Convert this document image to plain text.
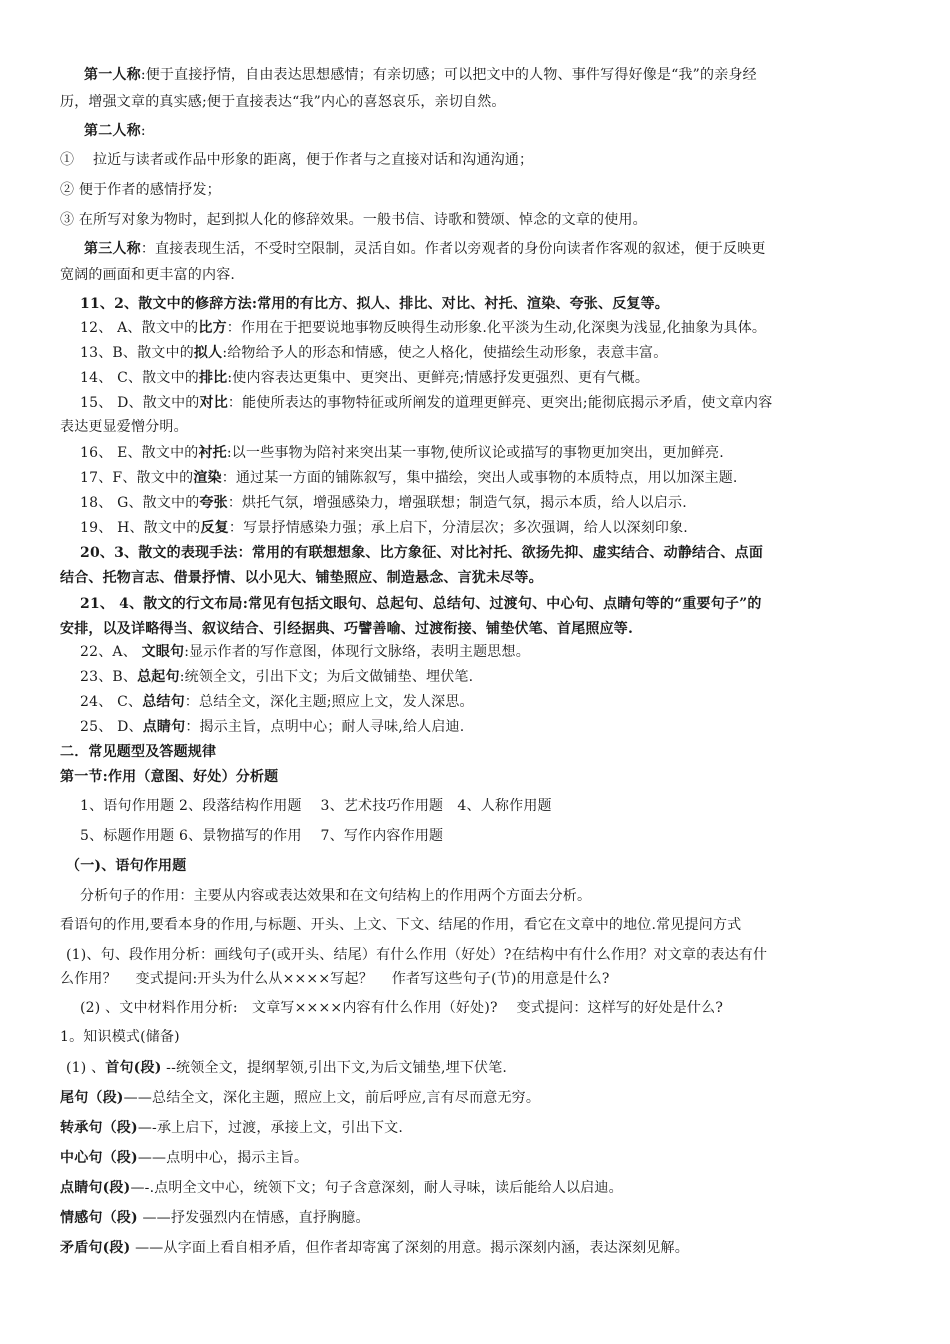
第一人称:便于直接抒情，自由表达思想感情；有亲切感；可以把文中的人物、事件写得好像是“我”的亲身经
历，增强文章的真实感;便于直接表达“我”内心的喜怒哀乐，亲切自然。
第二人称:
①　 拉近与读者或作品中形象的距离，便于作者与之直接对话和沟通沟通；
② 便于作者的感情抒发；
③ 在所写对象为物时，起到拟人化的修辞效果。一般书信、诗歌和赞颂、悼念的文章的使用。
第三人称：直接表现生活，不受时空限制，灵活自如。作者以旁观者的身份向读者作客观的叙述，便于反映更
宽阔的画面和更丰富的内容.
11、2、散文中的修辞方法:常用的有比方、拟人、排比、对比、衬托、渲染、夸张、反复等。
12、 A、散文中的比方：作用在于把要说地事物反映得生动形象.化平淡为生动,化深奥为浅显,化抽象为具体。
13、B、散文中的拟人:给物给予人的形态和情感，使之人格化，使描绘生动形象，表意丰富。
14、 C、散文中的排比:使内容表达更集中、更突出、更鲜亮;情感抒发更强烈、更有气概。
15、 D、散文中的对比：能使所表达的事物特征或所阐发的道理更鲜亮、更突出;能彻底揭示矛盾，使文章内容
表达更显爱憎分明。
16、 E、散文中的衬托:以一些事物为陪衬来突出某一事物,使所议论或描写的事物更加突出，更加鲜亮.
17、F、散文中的渲染：通过某一方面的铺陈叙写，集中描绘，突出人或事物的本质特点，用以加深主题.
18、 G、散文中的夸张：烘托气氛，增强感染力，增强联想；制造气氛，揭示本质，给人以启示.
19、 H、散文中的反复：写景抒情感染力强；承上启下，分清层次；多次强调，给人以深刻印象.
20、3、散文的表现手法：常用的有联想想象、比方象征、对比衬托、欲扬先抑、虚实结合、动静结合、点面
结合、托物言志、借景抒情、以小见大、铺垫照应、制造悬念、言犹未尽等。
21、 4、散文的行文布局:常见有包括文眼句、总起句、总结句、过渡句、中心句、点睛句等的“重要句子”的
安排，以及详略得当、叙议结合、引经据典、巧譬善喻、过渡衔接、铺垫伏笔、首尾照应等.
22、A、 文眼句:显示作者的写作意图，体现行文脉络，表明主题思想。
23、B、总起句:统领全文，引出下文；为后文做铺垫、埋伏笔.
24、 C、总结句：总结全文，深化主题;照应上文，发人深思。
25、 D、点睛句：揭示主旨，点明中心；耐人寻味,给人启迪.
二．常见题型及答题规律
第一节:作用（意图、好处）分析题
1、语句作用题 2、段落结构作用题　 3、艺术技巧作用题　4、人称作用题
5、标题作用题 6、景物描写的作用　 7、写作内容作用题
（一)、语句作用题
分析句子的作用：主要从内容或表达效果和在文句结构上的作用两个方面去分析。
看语句的作用,要看本身的作用,与标题、开头、上文、下文、结尾的作用，看它在文章中的地位.常见提问方式
(1)、句、段作用分析：画线句子(或开头、结尾）有什么作用（好处）?在结构中有什么作用？对文章的表达有什
么作用？　 变式提问:开头为什么从××××写起？　 作者写这些句子(节)的用意是什么?
(2) 、文中材料作用分析:　文章写××××内容有什么作用（好处)?　 变式提问：这样写的好处是什么?
1。知识模式(储备)
(1) 、首句(段) --统领全文，提纲挈领,引出下文,为后文铺垫,埋下伏笔.
尾句（段)——总结全文，深化主题，照应上文，前后呼应,言有尽而意无穷。
转承句（段)—-承上启下，过渡，承接上文，引出下文.
中心句（段)——点明中心，揭示主旨。
点睛句(段)—-.点明全文中心，统领下文；句子含意深刻，耐人寻味，读后能给人以启迪。
情感句（段) ——抒发强烈内在情感，直抒胸臆。
矛盾句(段) ——从字面上看自相矛盾，但作者却寄寓了深刻的用意。揭示深刻内涵，表达深刻见解。
